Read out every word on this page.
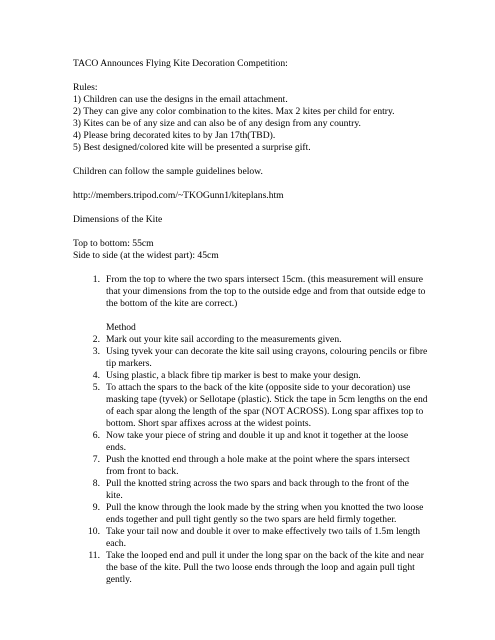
TACO Announces Flying Kite Decoration Competition:

Rules:

1) Children can use the designs in the email attachment.
2) They can give any color combination to the kites. Max 2 kites per child for entry.
3) Kites can be of any size and can also be of any design from any country.
4) Please bring decorated kites to by Jan 17th(TBD).
5) Best designed/colored kite will be presented a surprise gift.

Children can follow the sample guidelines below.

http://members.tripod.com/~TKOGunn1/kiteplans.htm

Dimensions of the Kite

Top to bottom: 55cm
Side to side (at the widest part): 45cm
1. From the top to where the two spars intersect 15cm. (this measurement will ensure that your dimensions from the top to the outside edge and from that outside edge to the bottom of the kite are correct.)

Method

2. Mark out your kite sail according to the measurements given.
3. Using tyvek your can decorate the kite sail using crayons, colouring pencils or fibre tip markers.
4. Using plastic, a black fibre tip marker is best to make your design.
5. To attach the spars to the back of the kite (opposite side to your decoration) use masking tape (tyvek) or Sellotape (plastic). Stick the tape in 5cm lengths on the end of each spar along the length of the spar (NOT ACROSS). Long spar affixes top to bottom. Short spar affixes across at the widest points.
6. Now take your piece of string and double it up and knot it together at the loose ends.
7. Push the knotted end through a hole make at the point where the spars intersect from front to back.
8. Pull the knotted string across the two spars and back through to the front of the kite.
9. Pull the know through the look made by the string when you knotted the two loose ends together and pull tight gently so the two spars are held firmly together.
10. Take your tail now and double it over to make effectively two tails of 1.5m length each.
11. Take the looped end and pull it under the long spar on the back of the kite and near the base of the kite. Pull the two loose ends through the loop and again pull tight gently.
